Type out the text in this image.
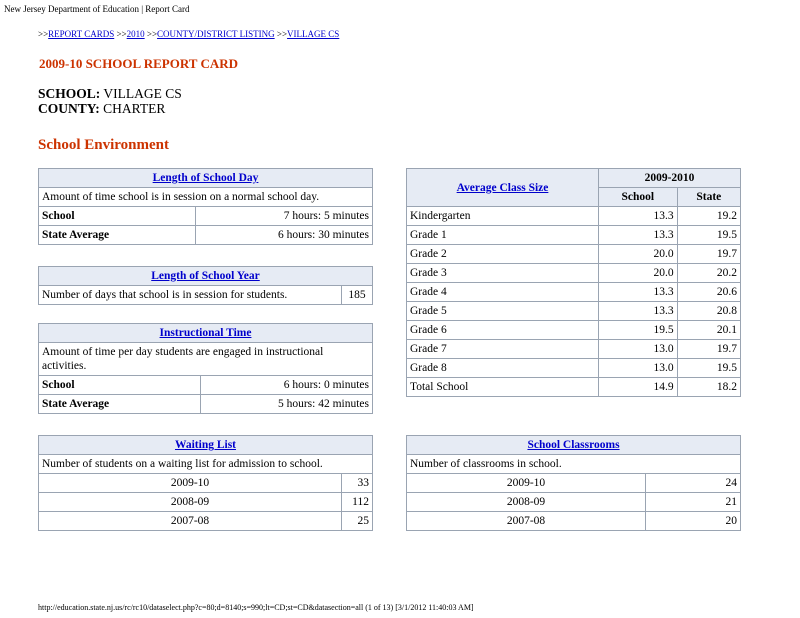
New Jersey Department of Education | Report Card
>>REPORT CARDS >>2010 >>COUNTY/DISTRICT LISTING >>VILLAGE CS
2009-10 SCHOOL REPORT CARD
SCHOOL: VILLAGE CS
COUNTY: CHARTER
School Environment
Length of School Day	
Amount of time school is in session on a normal school day.	
School	7 hours: 5 minutes
State Average	6 hours: 30 minutes
Length of School Year
Number of days that school is in session for students.	185
Instructional Time	
Amount of time per day students are engaged in instructional activities.	
School	6 hours: 0 minutes
State Average	5 hours: 42 minutes
Average Class Size	2009-2010	
	School	State
Kindergarten	13.3	19.2
Grade 1	13.3	19.5
Grade 2	20.0	19.7
Grade 3	20.0	20.2
Grade 4	13.3	20.6
Grade 5	13.3	20.8
Grade 6	19.5	20.1
Grade 7	13.0	19.7
Grade 8	13.0	19.5
Total School	14.9	18.2
Waiting List	
Number of students on a waiting list for admission to school.	
2009-10	33
2008-09	112
2007-08	25
School Classrooms	
Number of classrooms in school.	
2009-10	24
2008-09	21
2007-08	20
http://education.state.nj.us/rc/rc10/dataselect.php?c=80;d=8140;s=990;lt=CD;st=CD&datasection=all (1 of 13) [3/1/2012 11:40:03 AM]
